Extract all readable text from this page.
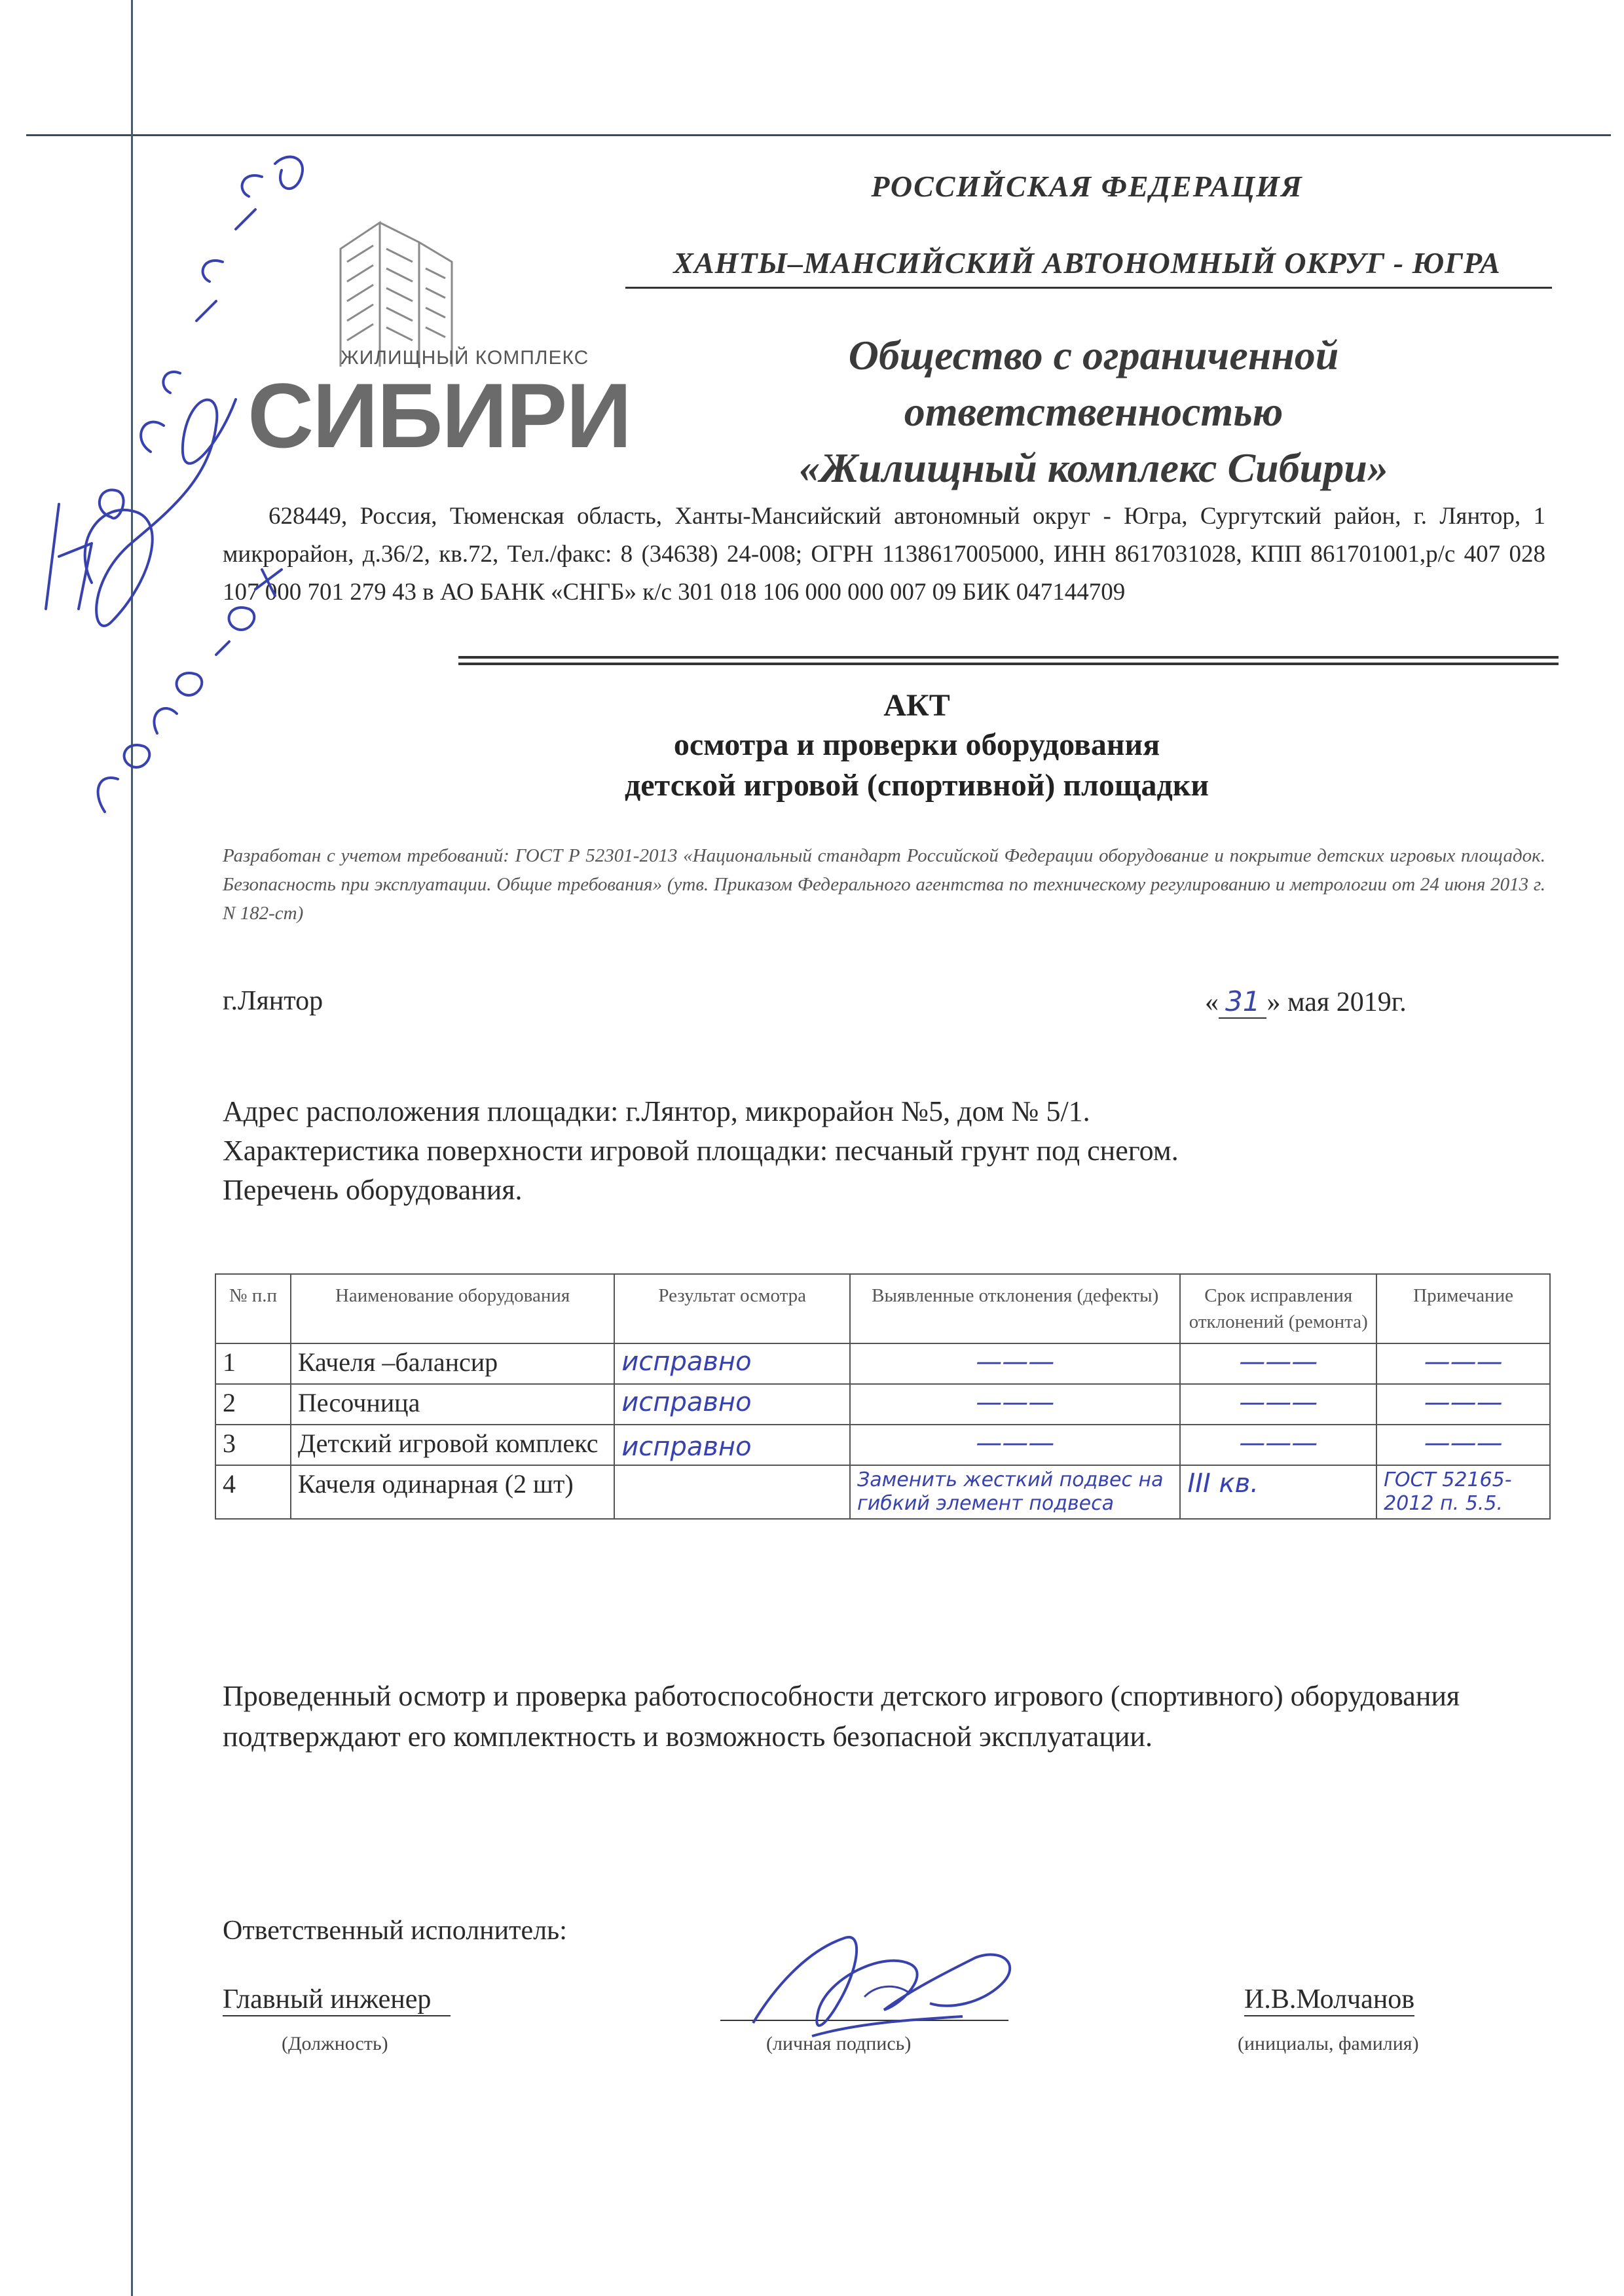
РОССИЙСКАЯ ФЕДЕРАЦИЯ
ХАНТЫ–МАНСИЙСКИЙ АВТОНОМНЫЙ ОКРУГ - ЮГРА
ЖИЛИЩНЫЙ КОМПЛЕКС
СИБИРИ
Общество с ограниченной
ответственностью
«Жилищный комплекс Сибири»
628449, Россия, Тюменская область, Ханты-Мансийский автономный округ - Югра, Сургутский район, г. Лянтор, 1 микрорайон, д.36/2, кв.72, Тел./факс: 8 (34638) 24-008; ОГРН 1138617005000, ИНН 8617031028, КПП 861701001,р/с 407 028 107 000 701 279 43 в АО БАНК «СНГБ» к/с 301 018 106 000 000 007 09 БИК 047144709
АКТ
осмотра и проверки оборудования
детской игровой (спортивной) площадки
Разработан с учетом требований: ГОСТ Р 52301-2013 «Национальный стандарт Российской Федерации оборудование и покрытие детских игровых площадок. Безопасность при эксплуатации. Общие требования» (утв. Приказом Федерального агентства по техническому регулированию и метрологии от 24 июня 2013 г. N 182-ст)
г.Лянтор	« 31 » мая 2019г.
Адрес расположения площадки: г.Лянтор, микрорайон №5, дом № 5/1.
Характеристика поверхности игровой площадки: песчаный грунт под снегом.
Перечень оборудования.
№ п.п	Наименование оборудования	Результат осмотра	Выявленные отклонения (дефекты)	Срок исправления отклонений (ремонта)	Примечание
1	Качеля –балансир	исправно	———	———	———
2	Песочница	исправно	———	———	———
3	Детский игровой комплекс	исправно	———	———	———
4	Качеля одинарная (2 шт)		Заменить жесткий подвес на гибкий элемент подвеса	III кв.	ГОСТ 52165-2012 п. 5.5.
Проведенный осмотр и проверка работоспособности детского игрового (спортивного) оборудования подтверждают его комплектность и возможность безопасной эксплуатации.
Ответственный исполнитель:
Главный инженер
(Должность)	(личная подпись)
И.В.Молчанов
(инициалы, фамилия)
